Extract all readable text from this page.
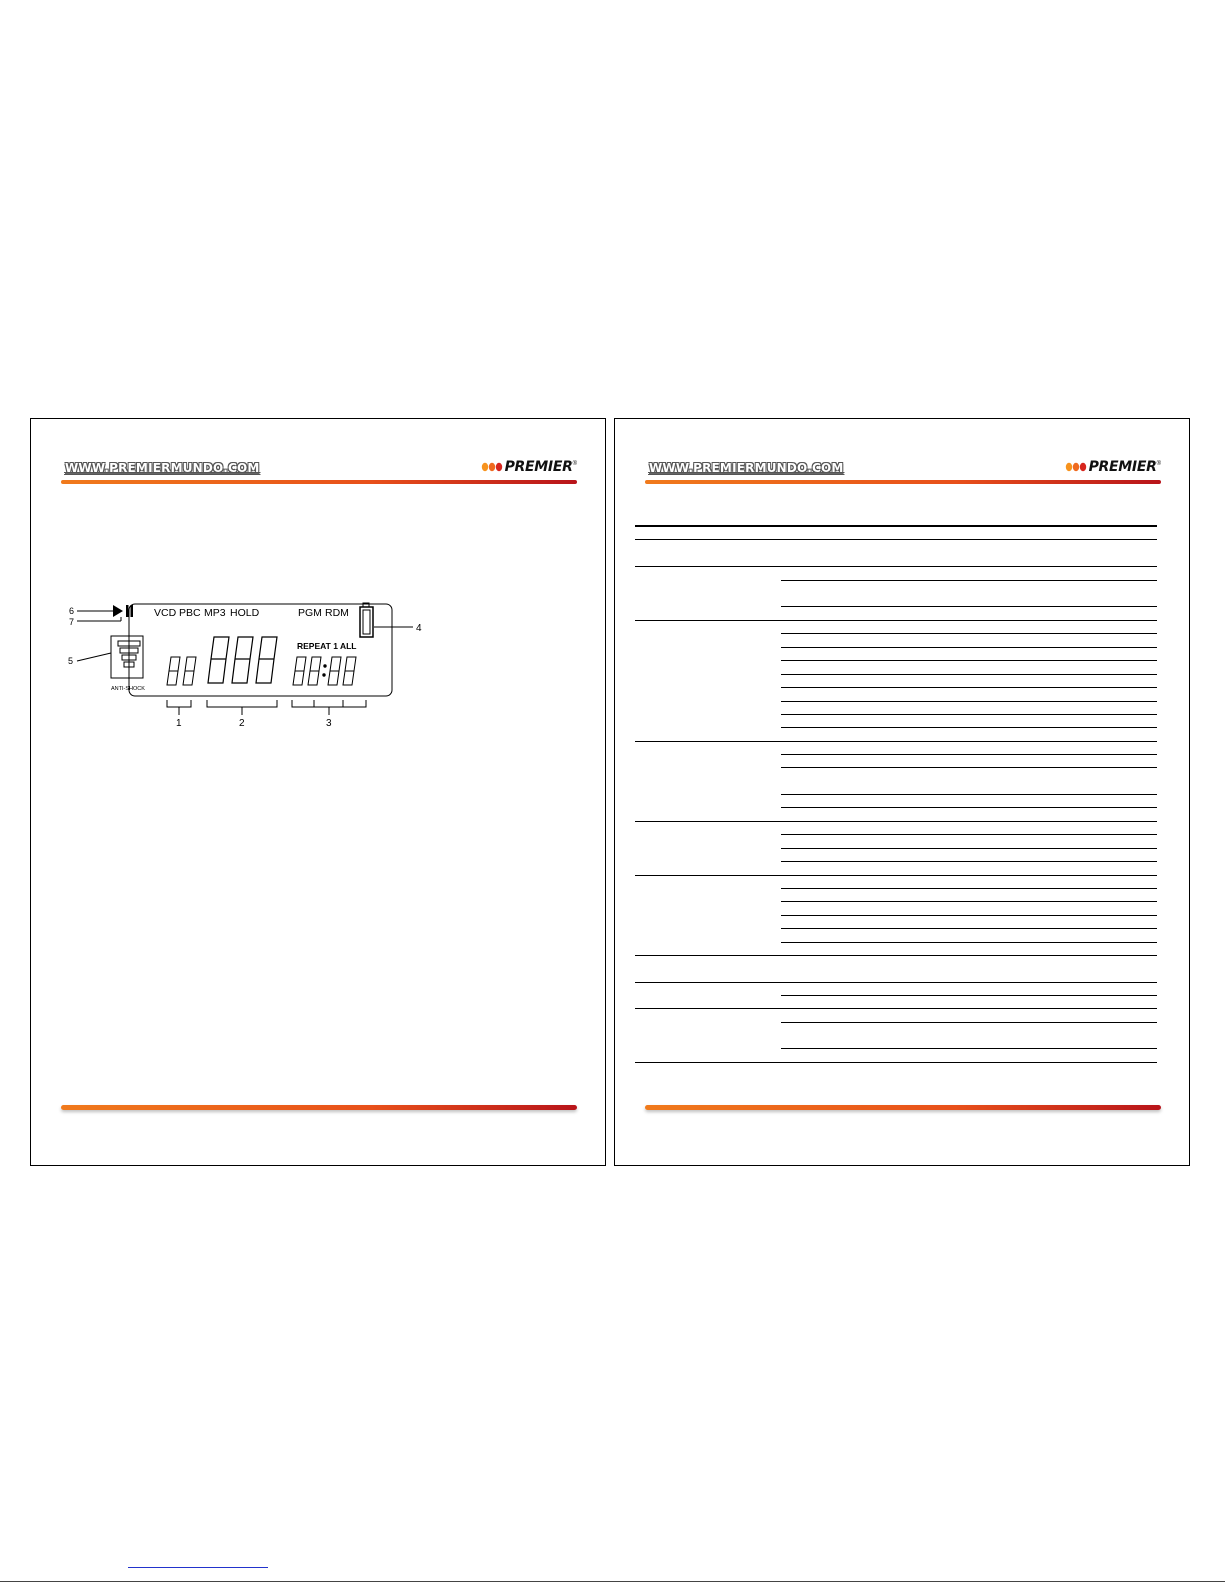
WWW.PREMIERMUNDO.COM	PREMIER ®
VCD PBC MP3 HOLD	PGM RDM
REPEAT 1 ALL
ANTI-SHOCK
6
7
5
4
1	2	3
WWW.PREMIERMUNDO.COM	PREMIER ®
